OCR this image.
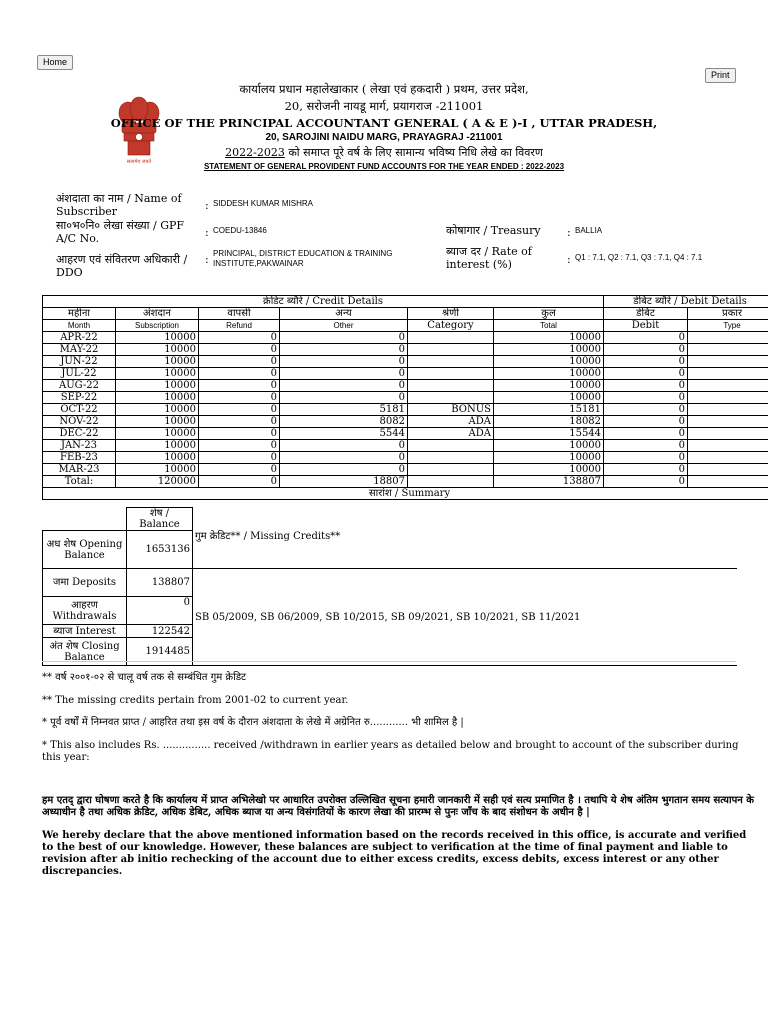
Home
Print
सत्यमेव जयते
कार्यालय प्रधान महालेखाकार ( लेखा एवं हकदारी ) प्रथम, उत्तर प्रदेश,
20, सरोजनी नायडू मार्ग, प्रयागराज -211001
OFFICE OF THE PRINCIPAL ACCOUNTANT GENERAL ( A & E )-I , UTTAR PRADESH,
20, SAROJINI NAIDU MARG, PRAYAGRAJ -211001
2022-2023 को समाप्त पूरे वर्ष के लिए सामान्य भविष्य निधि लेखे का विवरण
STATEMENT OF GENERAL PROVIDENT FUND ACCOUNTS FOR THE YEAR ENDED : 2022-2023
अंशदाता का नाम / Name of Subscriber	: SIDDESH KUMAR MISHRA
सा०भ०नि० लेखा संख्या / GPF A/C No.	: COEDU-13846	कोषागार / Treasury : BALLIA
आहरण एवं संवितरण अधिकारी / DDO
: PRINCIPAL, DISTRICT EDUCATION & TRAINING INSTITUTE,PAKWAINAR
ब्याज दर / Rate of interest (%)	: Q1 : 7.1, Q2 : 7.1, Q3 : 7.1, Q4 : 7.1
क्रेडिट ब्यौरे / Credit Details						डेबिट ब्यौरे / Debit Details	
महीना	अंशदान	वापसी	अन्य	श्रेणी	कुल	डेबिट	प्रकार
Month	Subscription	Refund	Other	Category	Total	Debit	Type
APR-22	10000	0	0		10000	0	
MAY-22	10000	0	0		10000	0	
JUN-22	10000	0	0		10000	0	
JUL-22	10000	0	0		10000	0	
AUG-22	10000	0	0		10000	0	
SEP-22	10000	0	0		10000	0	
OCT-22	10000	0	5181	BONUS	15181	0	
NOV-22	10000	0	8082	ADA	18082	0	
DEC-22	10000	0	5544	ADA	15544	0	
JAN-23	10000	0	0		10000	0	
FEB-23	10000	0	0		10000	0	
MAR-23	10000	0	0		10000	0	
Total:	120000	0	18807		138807	0	
सारांश / Summary							
	शेष / Balance	
अध शेष Opening Balance	1653136	गुम क्रेडिट** / Missing Credits**
जमा Deposits	138807	SB 05/2009, SB 06/2009, SB 10/2015, SB 09/2021, SB 10/2021, SB 11/2021
आहरण Withdrawals	0	
ब्याज Interest	122542	
अंत शेष Closing Balance	1914485	
** वर्ष २००१-०२ से चालू वर्ष तक से सम्बंधित गुम क्रेडिट
** The missing credits pertain from 2001-02 to current year.
* पूर्व वर्षों में निम्नवत प्राप्त / आहरित तथा इस वर्ष के दौरान अंशदाता के लेखे में अग्रेनित रु............ भी शामिल है |
* This also includes Rs. ............... received /withdrawn in earlier years as detailed below and brought to account of the subscriber during this year:
हम एतद् द्वारा घोषणा करते है कि कार्यालय में प्राप्त अभिलेखो पर आधारित उपरोक्त उल्लिखित सूचना हमारी जानकारी में सही एवं सत्य प्रमाणित है । तथापि ये शेष अंतिम भुगतान समय सत्यापन के अध्याधीन है तथा अधिक क्रेडिट, अधिक डेबिट, अधिक ब्याज या अन्य विसंगतियों के कारण लेखा की प्रारम्भ से पुनः जाँच के बाद संशोधन के अधीन है |
We hereby declare that the above mentioned information based on the records received in this office, is accurate and verified to the best of our knowledge. However, these balances are subject to verification at the time of final payment and liable to revision after ab initio rechecking of the account due to either excess credits, excess debits, excess interest or any other discrepancies.
